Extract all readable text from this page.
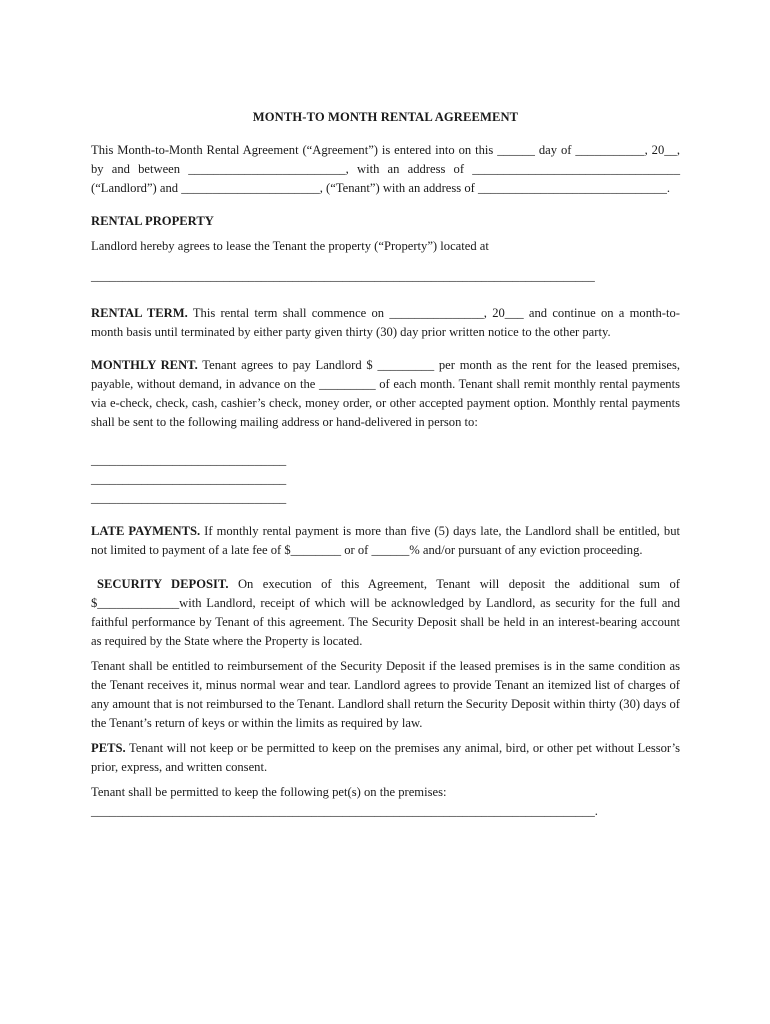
MONTH-TO MONTH RENTAL AGREEMENT

This Month-to-Month Rental Agreement (“Agreement”) is entered into on this ______ day of ___________, 20__, by and between _________________________, with an address of _________________________________ (“Landlord”) and ______________________, (“Tenant”) with an address of ______________________________.

RENTAL PROPERTY

Landlord hereby agrees to lease the Tenant the property (“Property”) located at

________________________________________________________________________________

RENTAL TERM. This rental term shall commence on _______________, 20___ and continue on a month-to-month basis until terminated by either party given thirty (30) day prior written notice to the other party.

MONTHLY RENT. Tenant agrees to pay Landlord $ _________ per month as the rent for the leased premises, payable, without demand, in advance on the _________ of each month. Tenant shall remit monthly rental payments via e-check, check, cash, cashier’s check, money order, or other accepted payment option. Monthly rental payments shall be sent to the following mailing address or hand-delivered in person to:

_______________________________
_______________________________
_______________________________

LATE PAYMENTS. If monthly rental payment is more than five (5) days late, the Landlord shall be entitled, but not limited to payment of a late fee of $________ or of ______% and/or pursuant of any eviction proceeding.

SECURITY DEPOSIT. On execution of this Agreement, Tenant will deposit the additional sum of $_____________with Landlord, receipt of which will be acknowledged by Landlord, as security for the full and faithful performance by Tenant of this agreement. The Security Deposit shall be held in an interest-bearing account as required by the State where the Property is located.

Tenant shall be entitled to reimbursement of the Security Deposit if the leased premises is in the same condition as the Tenant receives it, minus normal wear and tear. Landlord agrees to provide Tenant an itemized list of charges of any amount that is not reimbursed to the Tenant. Landlord shall return the Security Deposit within thirty (30) days of the Tenant’s return of keys or within the limits as required by law.

PETS. Tenant will not keep or be permitted to keep on the premises any animal, bird, or other pet without Lessor’s prior, express, and written consent.

Tenant shall be permitted to keep the following pet(s) on the premises:

________________________________________________________________________________.
